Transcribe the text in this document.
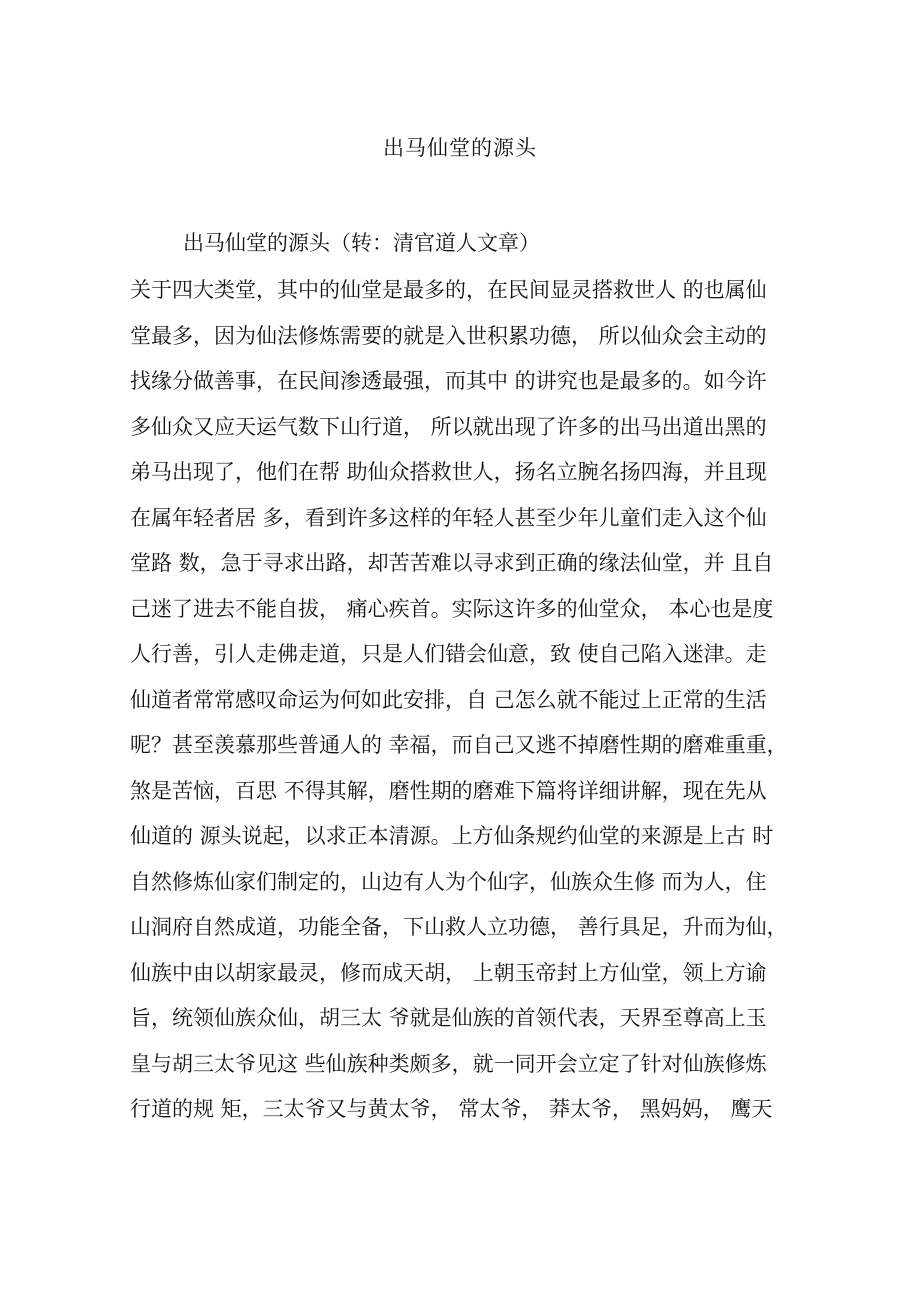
出马仙堂的源头
出马仙堂的源头（转：清官道人文章）
关于四大类堂，其中的仙堂是最多的，在民间显灵搭救世人 的也属仙
堂最多，因为仙法修炼需要的就是入世积累功德， 所以仙众会主动的
找缘分做善事，在民间渗透最强，而其中 的讲究也是最多的。如今许
多仙众又应天运气数下山行道， 所以就出现了许多的出马出道出黑的
弟马出现了，他们在帮 助仙众搭救世人，扬名立腕名扬四海，并且现
在属年轻者居 多，看到许多这样的年轻人甚至少年儿童们走入这个仙
堂路 数，急于寻求出路，却苦苦难以寻求到正确的缘法仙堂，并 且自
己迷了进去不能自拔， 痛心疾首。实际这许多的仙堂众， 本心也是度
人行善，引人走佛走道，只是人们错会仙意，致 使自己陷入迷津。走
仙道者常常感叹命运为何如此安排，自 己怎么就不能过上正常的生活
呢？甚至羡慕那些普通人的 幸福，而自己又逃不掉磨性期的磨难重重，
煞是苦恼，百思 不得其解，磨性期的磨难下篇将详细讲解，现在先从
仙道的 源头说起，以求正本清源。上方仙条规约仙堂的来源是上古 时
自然修炼仙家们制定的，山边有人为个仙字，仙族众生修 而为人，住
山洞府自然成道，功能全备，下山救人立功德， 善行具足，升而为仙，
仙族中由以胡家最灵，修而成天胡， 上朝玉帝封上方仙堂，领上方谕
旨，统领仙族众仙，胡三太 爷就是仙族的首领代表，天界至尊高上玉
皇与胡三太爷见这 些仙族种类颇多，就一同开会立定了针对仙族修炼
行道的规 矩，三太爷又与黄太爷， 常太爷， 莽太爷， 黑妈妈， 鹰天
